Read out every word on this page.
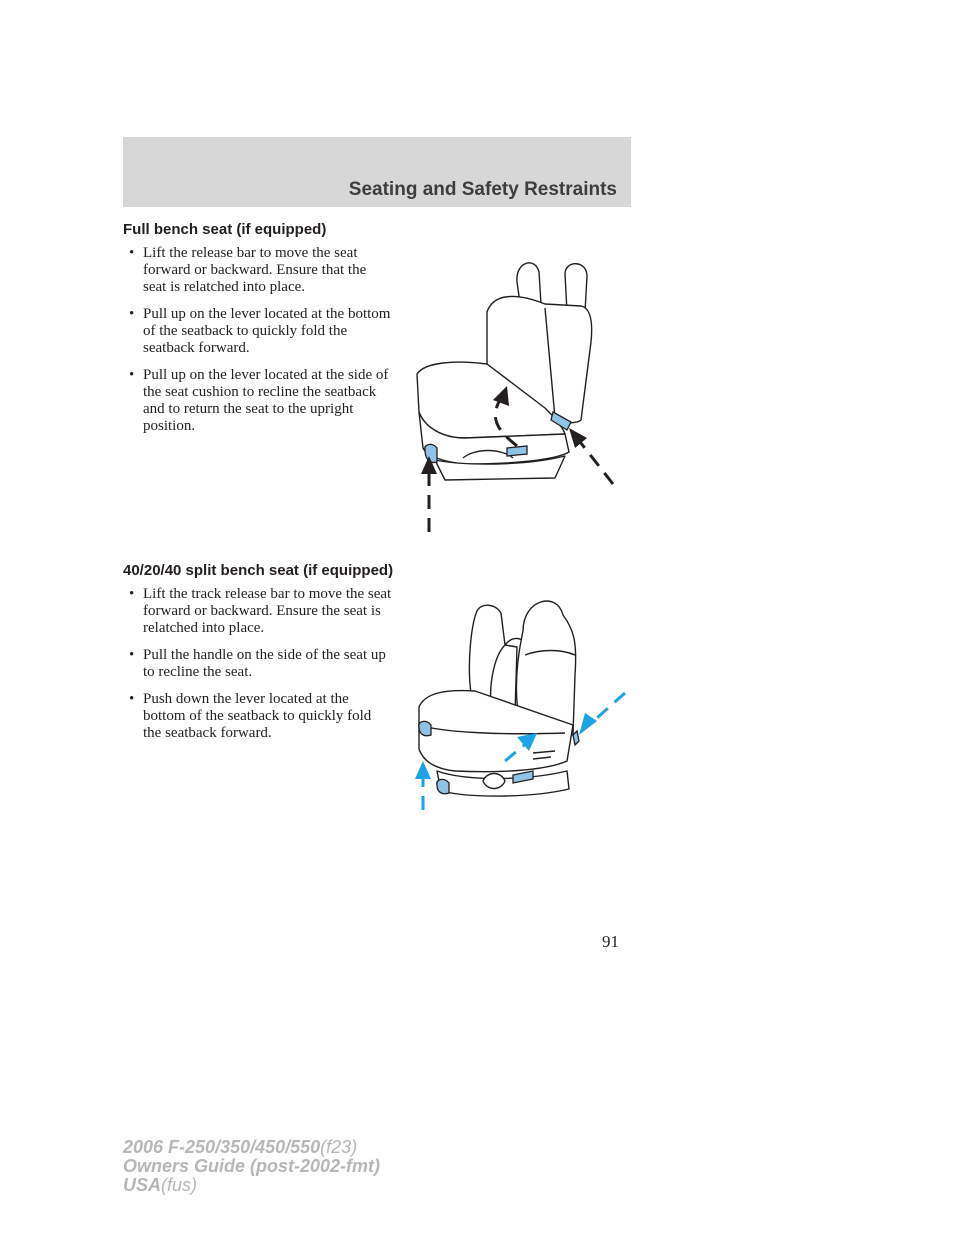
Seating and Safety Restraints
Full bench seat (if equipped)
• Lift the release bar to move the seat forward or backward. Ensure that the seat is relatched into place.
• Pull up on the lever located at the bottom of the seatback to quickly fold the seatback forward.
• Pull up on the lever located at the side of the seat cushion to recline the seatback and to return the seat to the upright position.
40/20/40 split bench seat (if equipped)
• Lift the track release bar to move the seat forward or backward. Ensure the seat is relatched into place.
• Pull the handle on the side of the seat up to recline the seat.
• Push down the lever located at the bottom of the seatback to quickly fold the seatback forward.
91
2006 F-250/350/450/550(f23)
Owners Guide (post-2002-fmt)
USA(fus)
